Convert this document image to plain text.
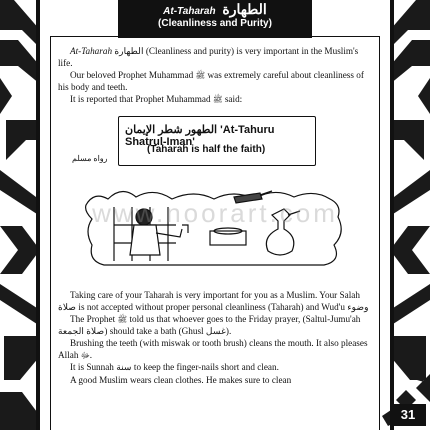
At-Taharah الطهارة
(Cleanliness and Purity)

At-Taharah الطهارة (Cleanliness and purity) is very important in the Muslim's life.

Our beloved Prophet Muhammad ﷺ was extremely careful about cleanliness of his body and teeth.

It is reported that Prophet Muhammad ﷺ said:

الطهور شطر الإيمان 'At-Tahuru Shatrul-Iman'
(Taharah is half the faith)
رواه مسلم

Taking care of your Taharah is very important for you as a Muslim. Your Salah صلاة is not accepted without proper personal cleanliness (Taharah) and Wud'u وضوء

The Prophet ﷺ told us that whoever goes to the Friday prayer, (Saltul-Jumu'ah صلاة الجمعة) should take a bath (Ghusl غسل).

Brushing the teeth (with miswak or tooth brush) cleans the mouth. It also pleases Allah ﷻ.

It is Sunnah سنة to keep the finger-nails short and clean.

A good Muslim wears clean clothes. He makes sure to clean

www.noorart.com
31
